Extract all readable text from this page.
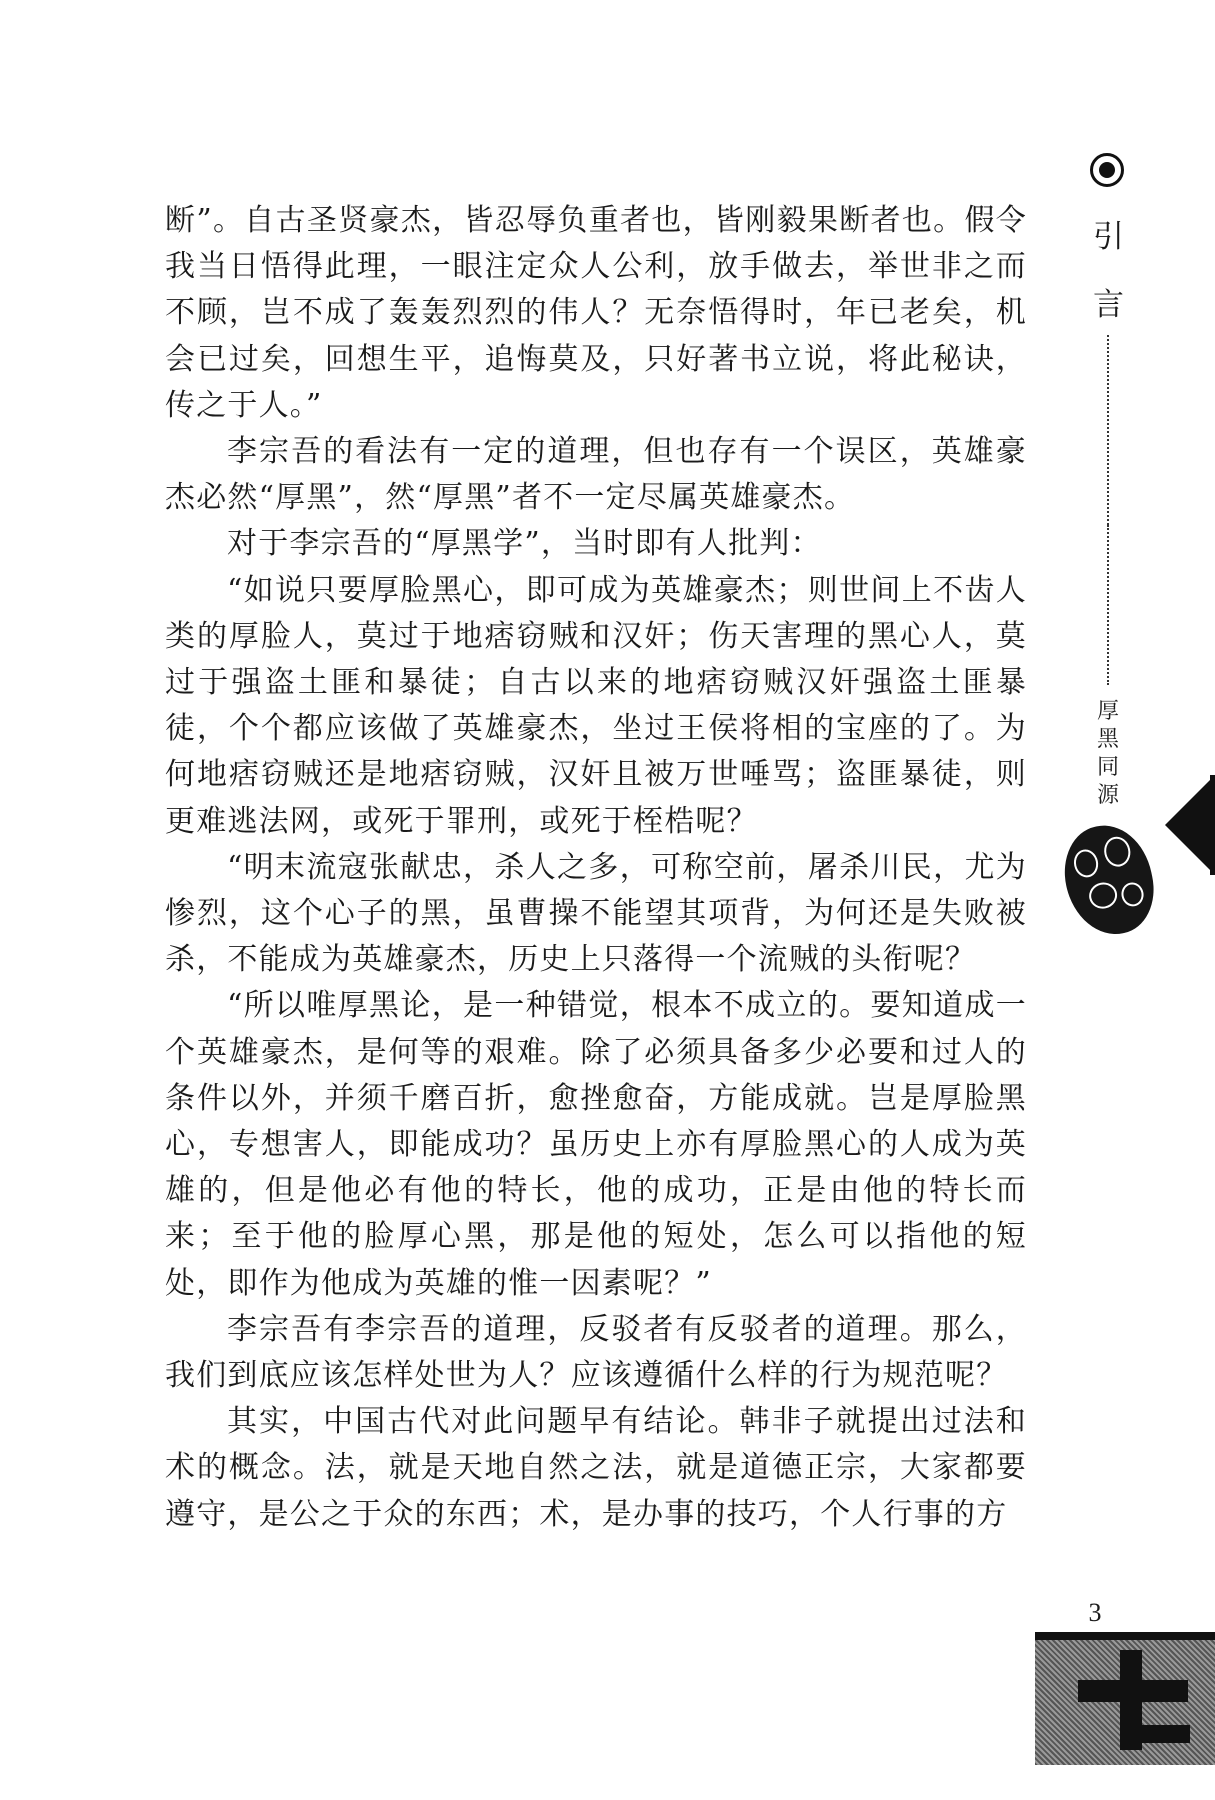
断”。自古圣贤豪杰，皆忍辱负重者也，皆刚毅果断者也。假令我当日悟得此理，一眼注定众人公利，放手做去，举世非之而不顾，岂不成了轰轰烈烈的伟人？无奈悟得时，年已老矣，机会已过矣，回想生平，追悔莫及，只好著书立说，将此秘诀，传之于人。”

李宗吾的看法有一定的道理，但也存有一个误区，英雄豪杰必然“厚黑”，然“厚黑”者不一定尽属英雄豪杰。

对于李宗吾的“厚黑学”，当时即有人批判：

“如说只要厚脸黑心，即可成为英雄豪杰；则世间上不齿人类的厚脸人，莫过于地痞窃贼和汉奸；伤天害理的黑心人，莫过于强盗土匪和暴徒；自古以来的地痞窃贼汉奸强盗土匪暴徒，个个都应该做了英雄豪杰，坐过王侯将相的宝座的了。为何地痞窃贼还是地痞窃贼，汉奸且被万世唾骂；盗匪暴徒，则更难逃法网，或死于罪刑，或死于桎梏呢？

“明末流寇张献忠，杀人之多，可称空前，屠杀川民，尤为惨烈，这个心子的黑，虽曹操不能望其项背，为何还是失败被杀，不能成为英雄豪杰，历史上只落得一个流贼的头衔呢？

“所以唯厚黑论，是一种错觉，根本不成立的。要知道成一个英雄豪杰，是何等的艰难。除了必须具备多少必要和过人的条件以外，并须千磨百折，愈挫愈奋，方能成就。岂是厚脸黑心，专想害人，即能成功？虽历史上亦有厚脸黑心的人成为英雄的，但是他必有他的特长，他的成功，正是由他的特长而来；至于他的脸厚心黑，那是他的短处，怎么可以指他的短处，即作为他成为英雄的惟一因素呢？”

李宗吾有李宗吾的道理，反驳者有反驳者的道理。那么，我们到底应该怎样处世为人？应该遵循什么样的行为规范呢？

其实，中国古代对此问题早有结论。韩非子就提出过法和术的概念。法，就是天地自然之法，就是道德正宗，大家都要遵守，是公之于众的东西；术，是办事的技巧，个人行事的方

引
言
厚黑同源
3
